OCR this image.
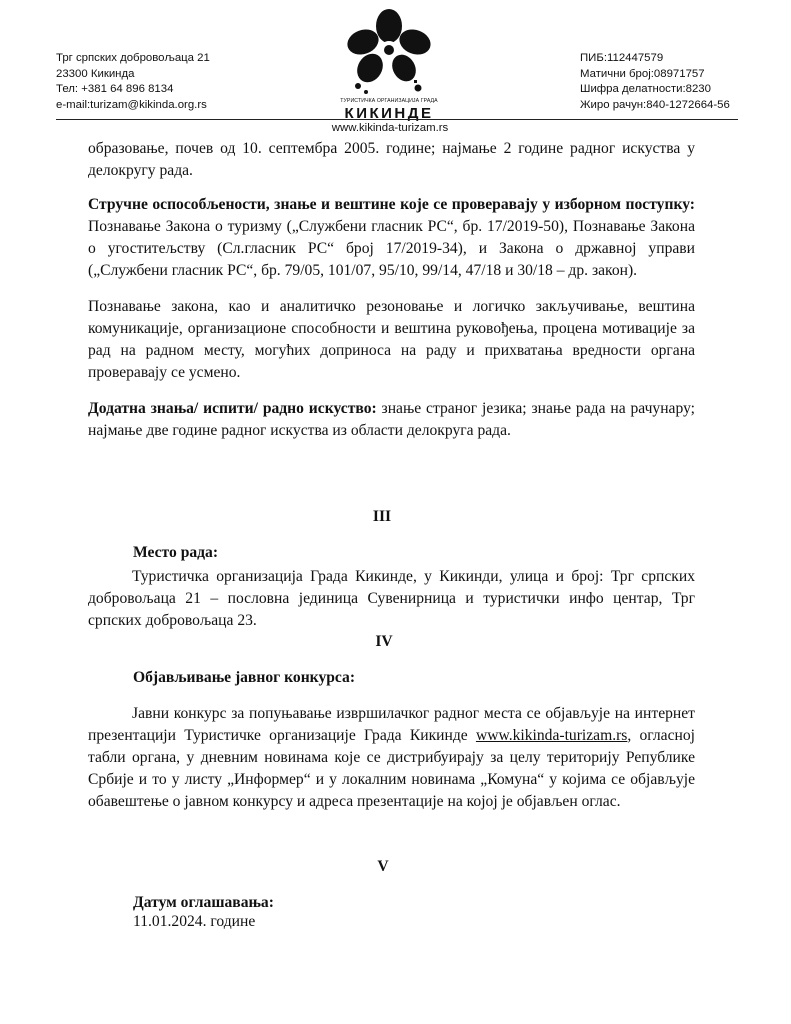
Трг српских добровољаца 21
23300 Кикинда
Тел: +381 64 896 8134
e-mail:turizam@kikinda.org.rs	ТУРИСТИЧКА ОРГАНИЗАЦИЈА ГРАДА
КИКИНДЕ
ПИБ:112447579
Матични број:08971757
Шифра делатности:8230
Жиро рачун:840-1272664-56
www.kikinda-turizam.rs
образовање, почев од 10. септембра 2005. године; најмање 2 године радног искуства у делокругу рада.
Стручне оспособљености, знање и вештине које се проверавају у изборном поступку: Познавање Закона о туризму („Службени гласник РС“, бр. 17/2019-50), Познавање Закона о угоститељству (Сл.гласник РС“ број 17/2019-34), и Закона о државној управи („Службени гласник РС“, бр. 79/05, 101/07, 95/10, 99/14, 47/18 и 30/18 – др. закон).
Познавање закона, као и аналитичко резоновање и логичко закључивање, вештина комуникације, организационе способности и вештина руковођења, процена мотивације за рад на радном месту, могућих доприноса на раду и прихватања вредности органа проверавају се усмено.
Додатна знања/ испити/ радно искуство: знање страног језика; знање рада на рачунару; најмање две године радног искуства из области делокруга рада.
III
Место рада:
Туристичка организација Града Кикинде, у Кикинди, улица и број: Трг српских добровољаца 21 – пословна јединица Сувенирница и туристички инфо центар, Трг српских добровољаца 23.
IV
Објављивање јавног конкурса:
Јавни конкурс за попуњавање извршилачког радног места се објављује на интернет презентацији Туристичке организације Града Кикинде www.kikinda-turizam.rs, огласној табли органа, у дневним новинама које се дистрибуирају за целу територију Републике Србије и то у листу „Информер“ и у локалним новинама „Комуна“ у којима се објављује обавештење о јавном конкурсу и адреса презентације на којој је објављен оглас.
V
Датум оглашавања:
11.01.2024. године
